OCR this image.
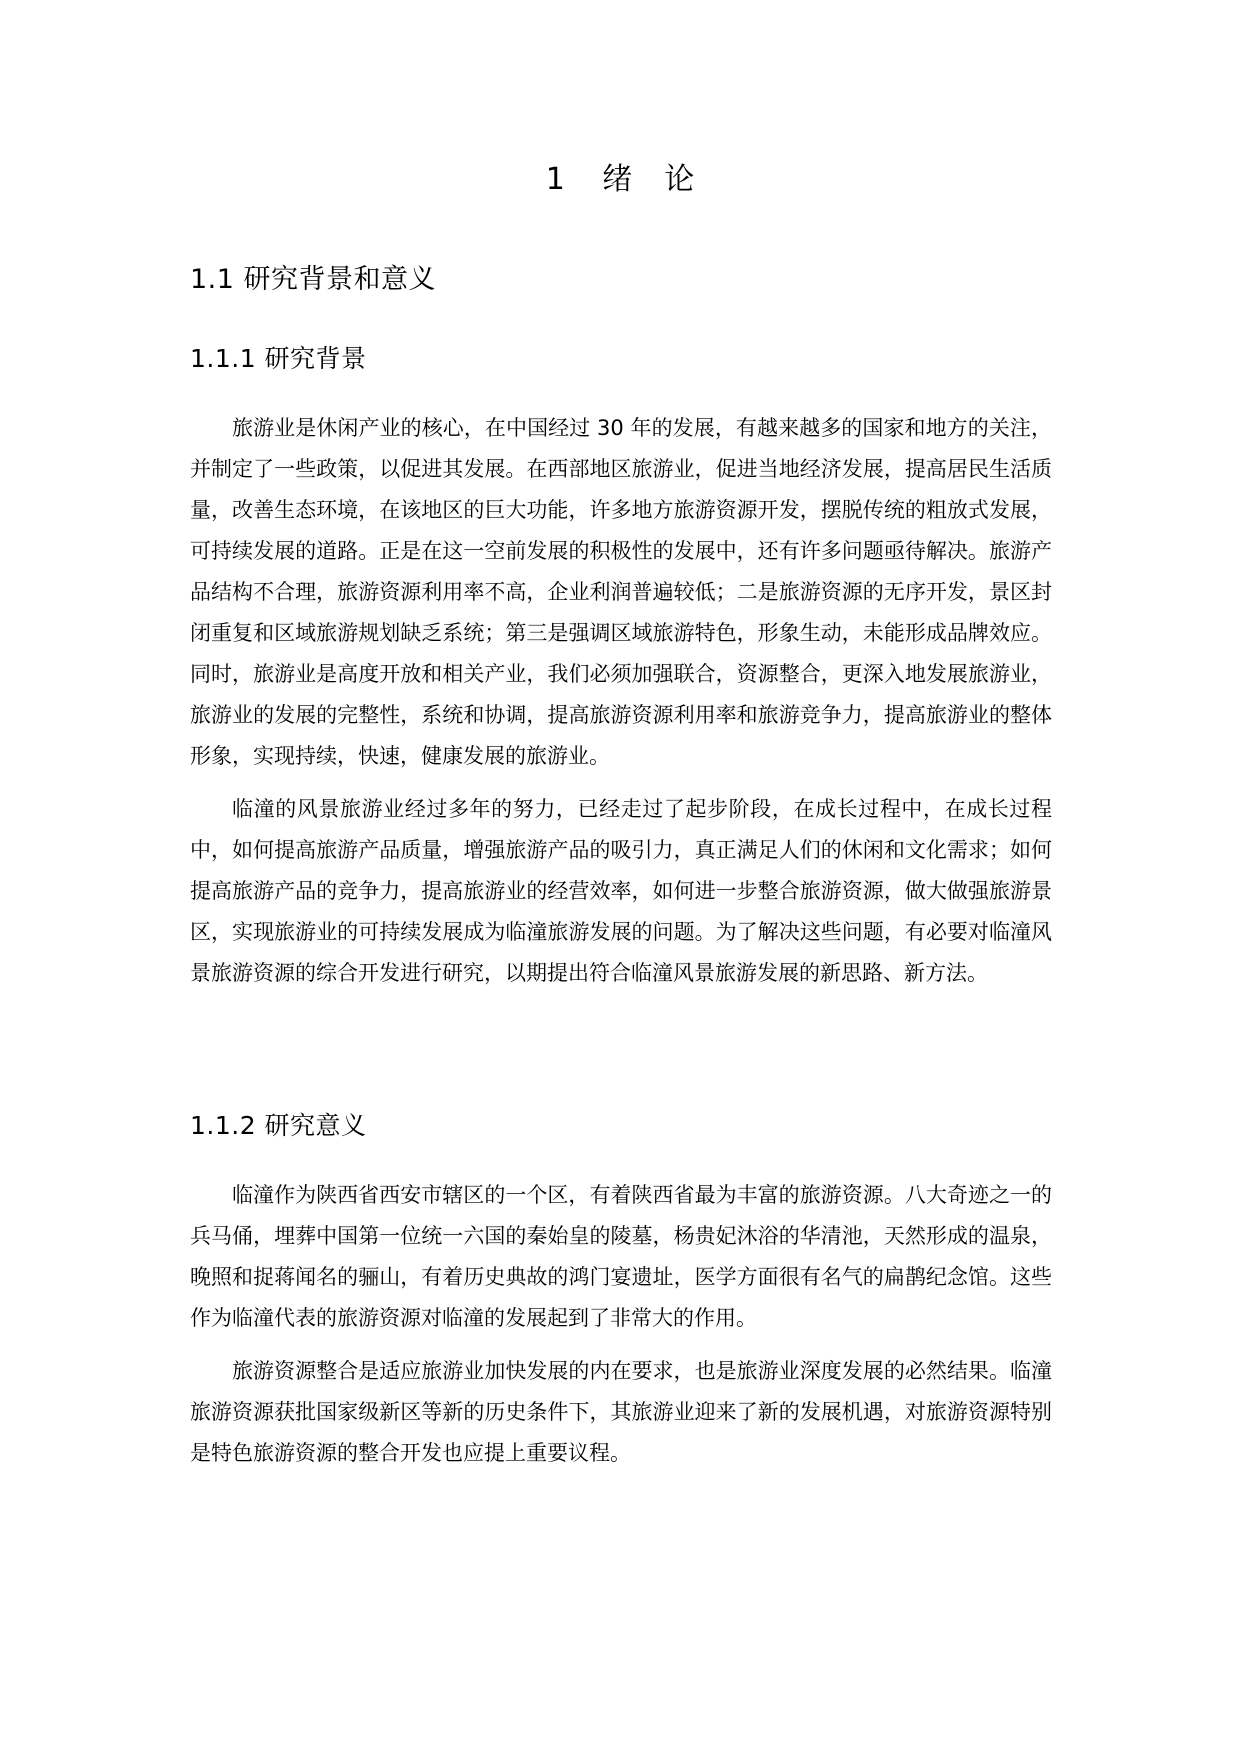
1 绪　论
1.1 研究背景和意义
1.1.1 研究背景

旅游业是休闲产业的核心，在中国经过 30 年的发展，有越来越多的国家和地方的关注，并制定了一些政策，以促进其发展。在西部地区旅游业，促进当地经济发展，提高居民生活质量，改善生态环境，在该地区的巨大功能，许多地方旅游资源开发，摆脱传统的粗放式发展，可持续发展的道路。正是在这一空前发展的积极性的发展中，还有许多问题亟待解决。旅游产品结构不合理，旅游资源利用率不高，企业利润普遍较低；二是旅游资源的无序开发，景区封闭重复和区域旅游规划缺乏系统；第三是强调区域旅游特色，形象生动，未能形成品牌效应。同时，旅游业是高度开放和相关产业，我们必须加强联合，资源整合，更深入地发展旅游业，旅游业的发展的完整性，系统和协调，提高旅游资源利用率和旅游竞争力，提高旅游业的整体形象，实现持续，快速，健康发展的旅游业。

临潼的风景旅游业经过多年的努力，已经走过了起步阶段，在成长过程中，在成长过程中，如何提高旅游产品质量，增强旅游产品的吸引力，真正满足人们的休闲和文化需求；如何提高旅游产品的竞争力，提高旅游业的经营效率，如何进一步整合旅游资源，做大做强旅游景区，实现旅游业的可持续发展成为临潼旅游发展的问题。为了解决这些问题，有必要对临潼风景旅游资源的综合开发进行研究，以期提出符合临潼风景旅游发展的新思路、新方法。

1.1.2 研究意义

临潼作为陕西省西安市辖区的一个区，有着陕西省最为丰富的旅游资源。八大奇迹之一的兵马俑，埋葬中国第一位统一六国的秦始皇的陵墓，杨贵妃沐浴的华清池，天然形成的温泉，晚照和捉蒋闻名的骊山，有着历史典故的鸿门宴遗址，医学方面很有名气的扁鹊纪念馆。这些作为临潼代表的旅游资源对临潼的发展起到了非常大的作用。

旅游资源整合是适应旅游业加快发展的内在要求，也是旅游业深度发展的必然结果。临潼旅游资源获批国家级新区等新的历史条件下，其旅游业迎来了新的发展机遇，对旅游资源特别是特色旅游资源的整合开发也应提上重要议程。
